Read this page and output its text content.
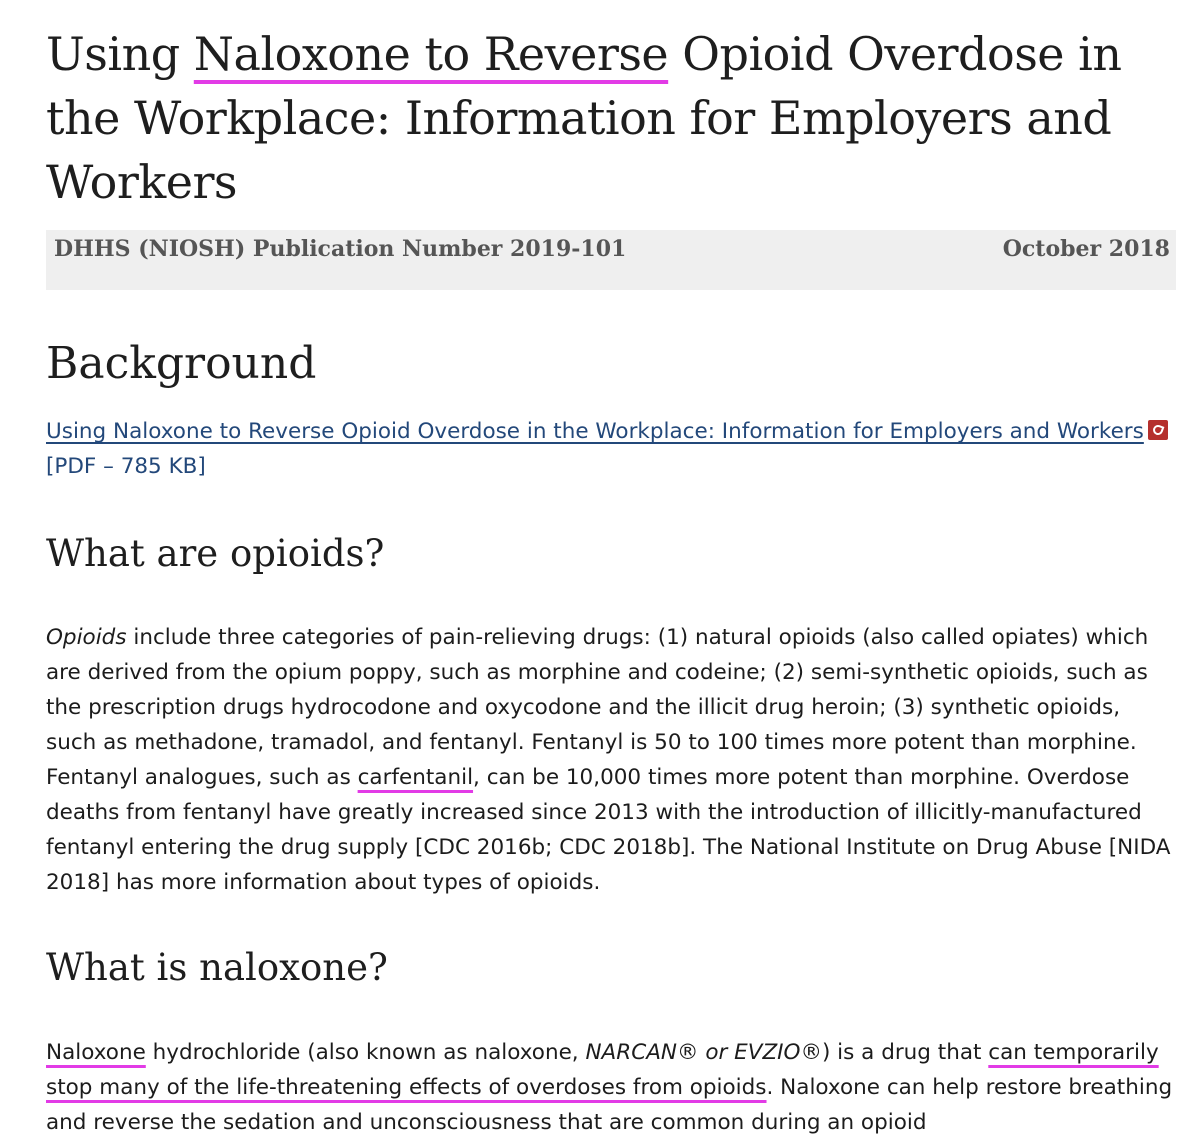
Using Naloxone to Reverse Opioid Overdose in the Workplace: Information for Employers and Workers
DHHS (NIOSH) Publication Number 2019-101	October 2018
Background

Using Naloxone to Reverse Opioid Overdose in the Workplace: Information for Employers and Workers[PDF – 785 KB]

What are opioids?

Opioids include three categories of pain-relieving drugs: (1) natural opioids (also called opiates) which are derived from the opium poppy, such as morphine and codeine; (2) semi-synthetic opioids, such as the prescription drugs hydrocodone and oxycodone and the illicit drug heroin; (3) synthetic opioids, such as methadone, tramadol, and fentanyl. Fentanyl is 50 to 100 times more potent than morphine. Fentanyl analogues, such as carfentanil, can be 10,000 times more potent than morphine. Overdose deaths from fentanyl have greatly increased since 2013 with the introduction of illicitly-manufactured fentanyl entering the drug supply [CDC 2016b; CDC 2018b]. The National Institute on Drug Abuse [NIDA 2018] has more information about types of opioids.

What is naloxone?

Naloxone hydrochloride (also known as naloxone, NARCAN® or EVZIO®) is a drug that can temporarily stop many of the life-threatening effects of overdoses from opioids. Naloxone can help restore breathing and reverse the sedation and unconsciousness that are common during an opioid
